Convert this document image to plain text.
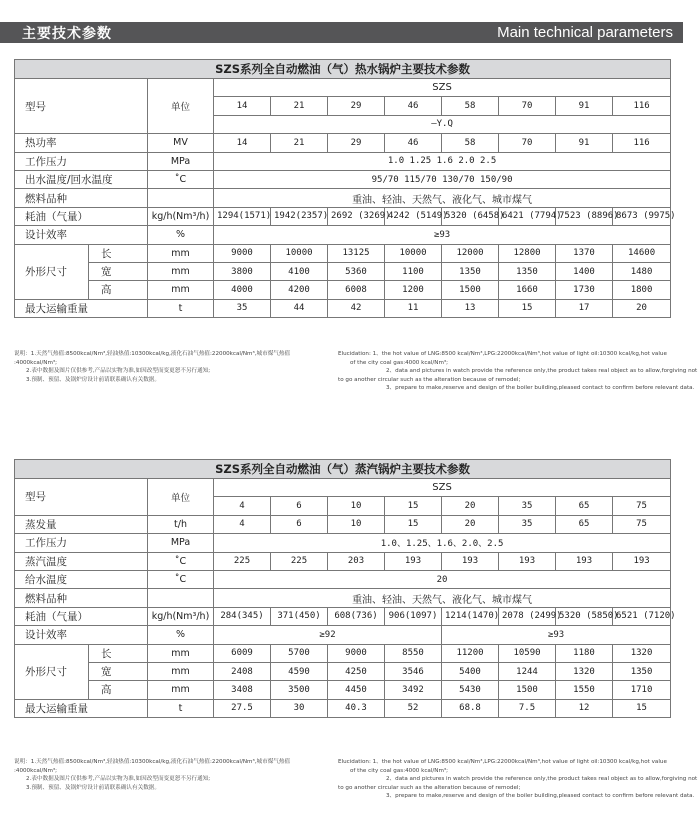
主要技术参数	Main technical parameters
SZS系列全自动燃油（气）热水锅炉主要技术参数										
型号		单位	SZS							
			14	21	29	46	58	70	91	116
			—Y.Q							
热功率		MV	14	21	29	46	58	70	91	116
工作压力		MPa	1.0 1.25 1.6 2.0 2.5							
出水温度/回水温度		˚C	95/70 115/70 130/70 150/90							
燃料品种			重油、轻油、天然气、液化气、城市煤气							
耗油（气量）		kg/h(Nm³/h)	1294(1571)	1942(2357)	2692 (3269)	4242 (5149)	5320 (6458)	6421 (7794)	7523 (8896)	8673 (9975)
设计效率		%	≥93							
外形尺寸	长	mm	9000	10000	13125	10000	12000	12800	1370	14600
	宽	mm	3800	4100	5360	1100	1350	1350	1400	1480
	高	mm	4000	4200	6008	1200	1500	1660	1730	1800
最大运输重量		t	35	44	42	11	13	15	17	20
说明：1.天然气热值:8500kcal/Nm³,轻油热值:10300kcal/kg,液化石油气热值:22000kcal/Nm³,城市煤气热值
:4000kcal/Nm³;
2.表中数据及图片仅供参考,产品以实物为准,如因改型而变更恕不另行通知;
3.预制、预留、及锅炉房设计前请联系确认有关数据。
Elucidation: 1、the hot value of LNG:8500 kcal/Nm³,LPG:22000kcal/Nm³,hot value of light oil:10300 kcal/kg,hot value
of the city coal gas:4000 kcal/Nm³;
2、data and pictures in watch provide the reference only,the product takes real object as to allow,forgiving not
to go another circular such as the alteration because of remodel;
3、prepare to make,reserve and design of the boiler building,pleased contact to confirm before relevant data.
SZS系列全自动燃油（气）蒸汽锅炉主要技术参数										
型号		单位	SZS							
			4	6	10	15	20	35	65	75
蒸发量		t/h	4	6	10	15	20	35	65	75
工作压力		MPa	1.0、1.25、1.6、2.0、2.5							
蒸汽温度		˚C	225	225	203	193	193	193	193	193
给水温度		˚C	20							
燃料品种			重油、轻油、天然气、液化气、城市煤气							
耗油（气量）		kg/h(Nm³/h)	284(345)	371(450)	608(736)	906(1097)	1214(1470)	2078 (2499)	5320 (5850)	6521 (7120)
设计效率		%	≥92				≥93			
外形尺寸	长	mm	6009	5700	9000	8550	11200	10590	1180	1320
	宽	mm	2408	4590	4250	3546	5400	1244	1320	1350
	高	mm	3408	3500	4450	3492	5430	1500	1550	1710
最大运输重量		t	27.5	30	40.3	52	68.8	7.5	12	15
说明：1.天然气热值:8500kcal/Nm³,轻油热值:10300kcal/kg,液化石油气热值:22000kcal/Nm³,城市煤气热值
:4000kcal/Nm³;
2.表中数据及图片仅供参考,产品以实物为准,如因改型而变更恕不另行通知;
3.预制、预留、及锅炉房设计前请联系确认有关数据。
Elucidation: 1、the hot value of LNG:8500 kcal/Nm³,LPG:22000kcal/Nm³,hot value of light oil:10300 kcal/kg,hot value
of the city coal gas:4000 kcal/Nm³;
2、data and pictures in watch provide the reference only,the product takes real object as to allow,forgiving not
to go another circular such as the alteration because of remodel;
3、prepare to make,reserve and design of the boiler building,pleased contact to confirm before relevant data.
